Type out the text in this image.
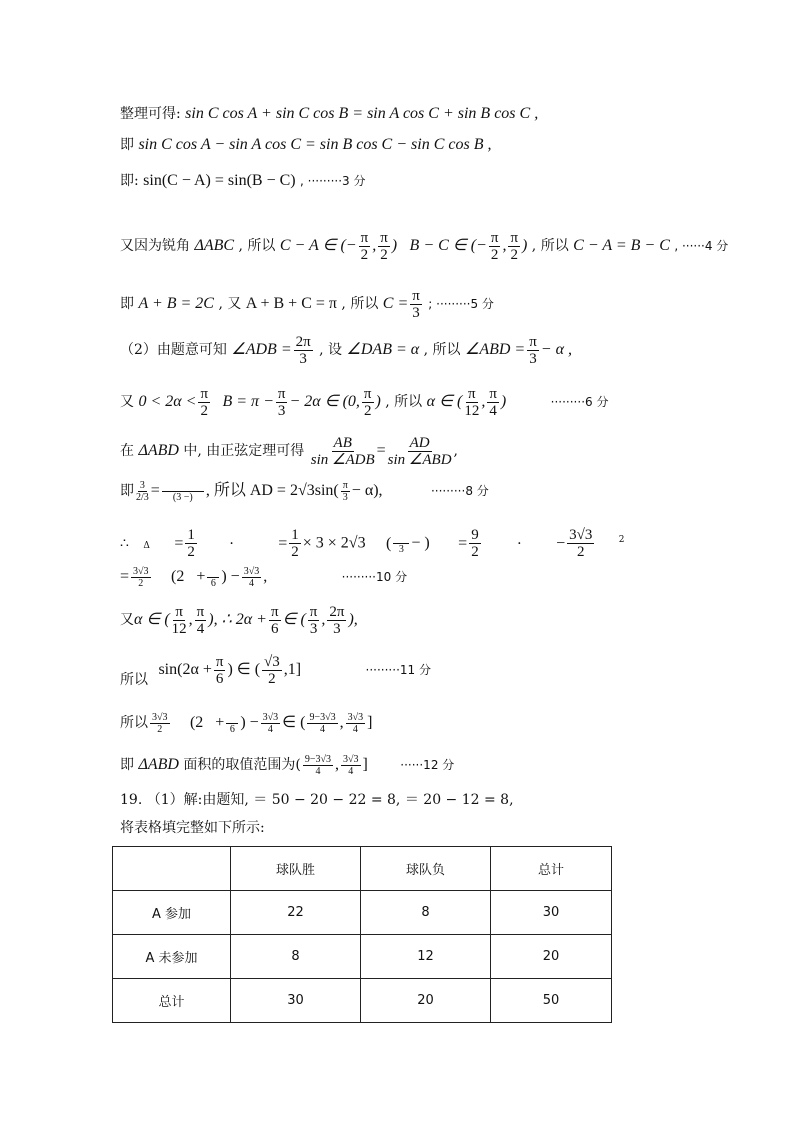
整理可得: sin C cos A + sin C cos B = sin A cos C + sin B cos C ,
即 sin C cos A − sin A cos C = sin B cos C − sin C cos B ,
即: sin(C − A) = sin(B − C) , ·········3 分
又因为锐角 ΔABC , 所以 C − A ∈ (− $\frac{\pi}{2}$ , $\frac{\pi}{2}$ ) B − C ∈ (− $\frac{\pi}{2}$ , $\frac{\pi}{2}$ ) , 所以 C − A = B − C , ······4 分
即 A + B = 2C , 又 A + B + C = π , 所以 $C = \frac{\pi}{3}$ ; ·········5 分
（2）由题意可知 ∠ADB = $\frac{2\pi}{3}$ , 设 ∠DAB = α , 所以 ∠ABD = $\frac{\pi}{3} - \alpha$ ,
又 $0 < 2\alpha < \frac{\pi}{2}$ $B = \pi - \frac{\pi}{3} - 2\alpha$ ∈ (0, $\frac{\pi}{2}$ ) , 所以 α ∈ ( $\frac{\pi}{12}$ , $\frac{\pi}{4}$ )	·········6 分
在 ΔABD 中, 由正弦定理可得 $\frac{AB}{\text{sin ∠ADB}} = \frac{AD}{\text{sin ∠ABD}}$ ,
即 $\frac{3}{2/3}$ =
(3 −) , 所以 AD = $2√3\sin( \frac{\pi}{3} - \alpha)$,	·········8 分
∴ $\Delta = \frac{1}{2}$ ·	= $\frac{1}{2} \times 3 \times 2√3$ (
3 − ) = $\frac{9}{2}$	· − $\frac{3√3}{2}$	$^2$
= $\frac{3√3}{2} (2$   +
6 ) − $\frac{3√3}{4}$ ,	·········10 分
又α ∈ ( $\frac{\pi}{12}$ , $\frac{\pi}{4}$ ), ∴ $2\alpha + \frac{\pi}{6}$ ∈ ( $\frac{\pi}{3}$ , $\frac{2\pi}{3}$ ),
所以 $\sin(2\alpha + \frac{\pi}{6}$ ) ∈ ( $\frac{√3}{2} ,1$]	·········11 分
所以 $\frac{3√3}{2} (2$   +
6 ) − $\frac{3√3}{4}$ ∈ ( $\frac{9-3√3}{4}$ , $\frac{3√3}{4}$ ]
即 ΔABD 面积的取值范围为( $\frac{9-3√3}{4}$ , $\frac{3√3}{4}$ ]	······12 分
19. （1）解:由题知, ＝ 50 − 20 − 22 = 8, ＝ 20 − 12 = 8,
将表格填完整如下所示:
	球队胜	球队负	总计
A 参加	22	8	30
A 未参加	8	12	20
总计	30	20	50
